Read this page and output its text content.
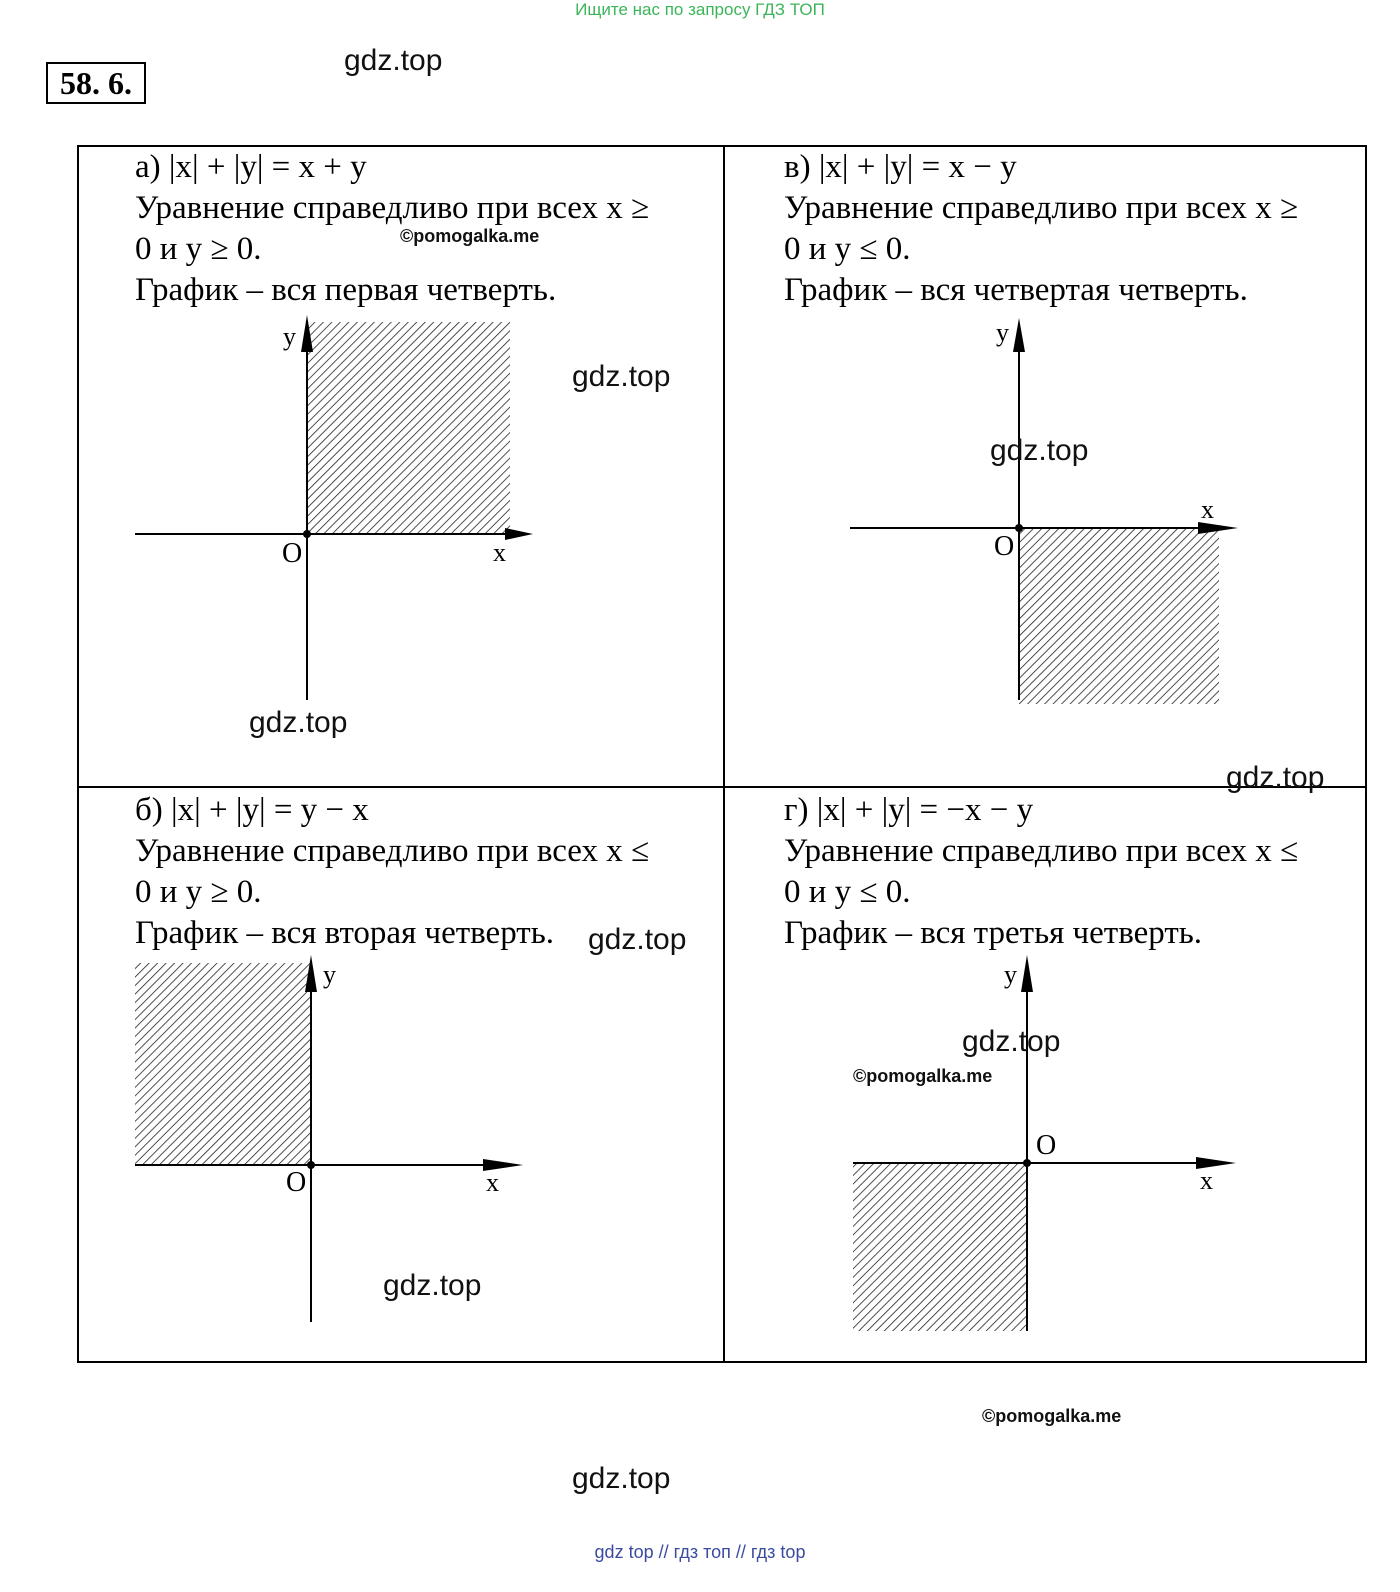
Ищите нас по запросу ГДЗ ТОП
58. 6.
gdz.top
а) |x| + |y| = x + y
Уравнение справедливо при всех x ≥
0 и y ≥ 0.
График – вся первая четверть.
в) |x| + |y| = x − y
Уравнение справедливо при всех x ≥
0 и y ≤ 0.
График – вся четвертая четверть.
б) |x| + |y| = y − x
Уравнение справедливо при всех x ≤
0 и y ≥ 0.
График – вся вторая четверть.
г) |x| + |y| = −x − y
Уравнение справедливо при всех x ≤
0 и y ≤ 0.
График – вся третья четверть.
O	x
y
O
x
y
O	x
y
O
x
y
©pomogalka.me
gdz.top
gdz.top
gdz.top
gdz.top
gdz.top
gdz.top
©pomogalka.me
gdz.top
©pomogalka.me
gdz.top
gdz top // гдз топ // гдз top
